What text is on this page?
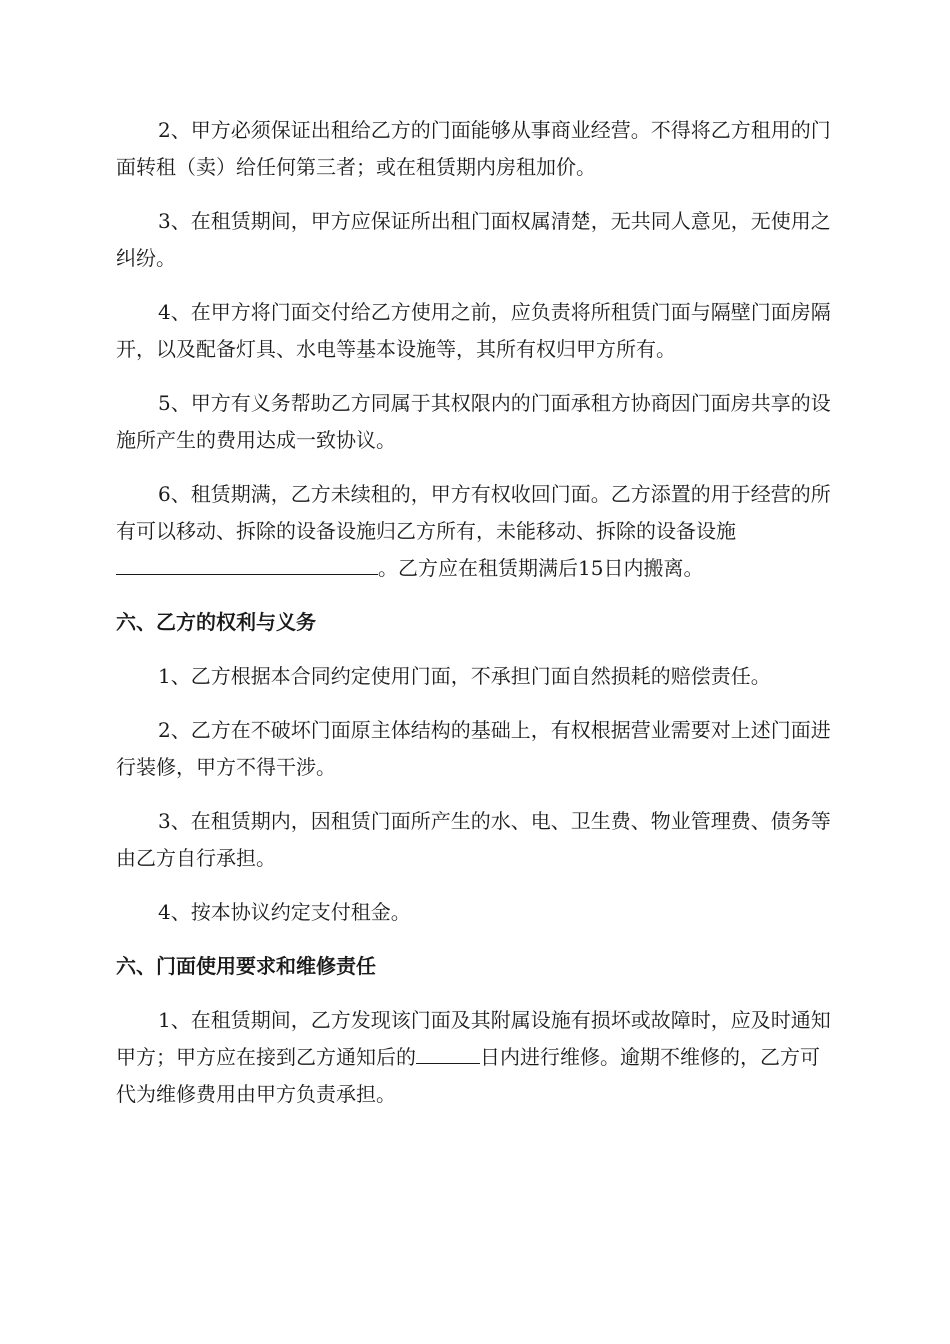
2、甲方必须保证出租给乙方的门面能够从事商业经营。不得将乙方租用的门面转租（卖）给任何第三者；或在租赁期内房租加价。

3、在租赁期间，甲方应保证所出租门面权属清楚，无共同人意见，无使用之纠纷。

4、在甲方将门面交付给乙方使用之前，应负责将所租赁门面与隔壁门面房隔开，以及配备灯具、水电等基本设施等，其所有权归甲方所有。

5、甲方有义务帮助乙方同属于其权限内的门面承租方协商因门面房共享的设施所产生的费用达成一致协议。

6、租赁期满，乙方未续租的，甲方有权收回门面。乙方添置的用于经营的所有可以移动、拆除的设备设施归乙方所有，未能移动、拆除的设备设施。乙方应在租赁期满后15日内搬离。

六、乙方的权利与义务

1、乙方根据本合同约定使用门面，不承担门面自然损耗的赔偿责任。

2、乙方在不破坏门面原主体结构的基础上，有权根据营业需要对上述门面进行装修，甲方不得干涉。

3、在租赁期内，因租赁门面所产生的水、电、卫生费、物业管理费、债务等由乙方自行承担。

4、按本协议约定支付租金。

六、门面使用要求和维修责任

1、在租赁期间，乙方发现该门面及其附属设施有损坏或故障时，应及时通知甲方；甲方应在接到乙方通知后的	日内进行维修。逾期不维修的，乙方可代为维修费用由甲方负责承担。
